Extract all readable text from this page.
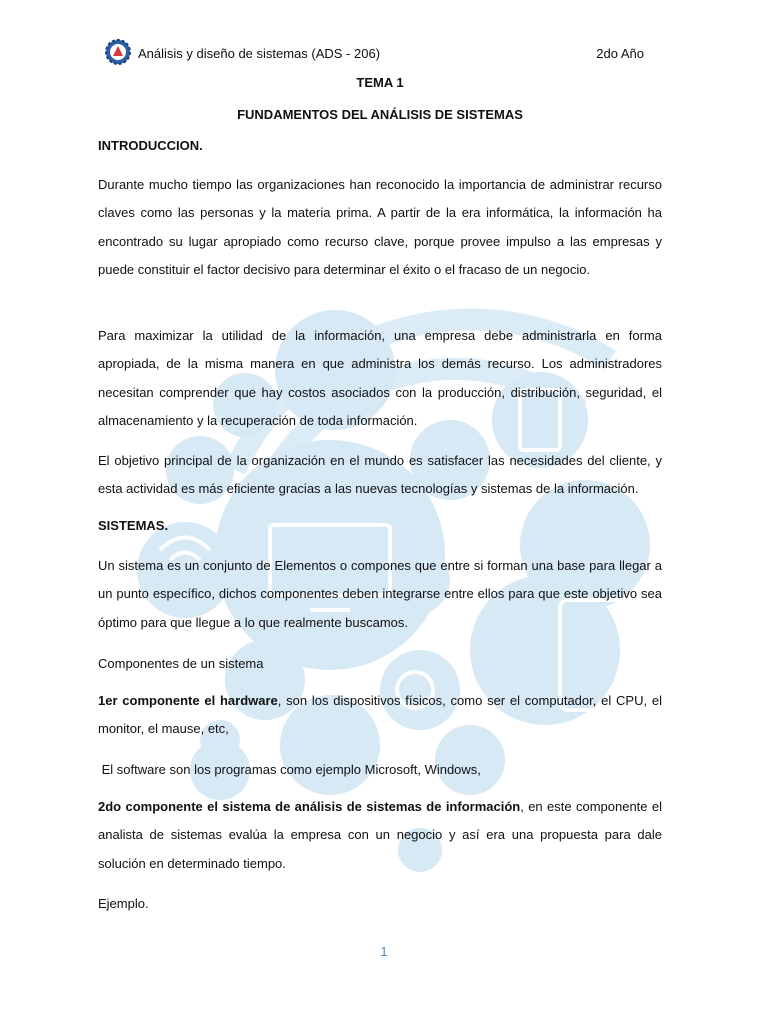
Análisis y diseño de sistemas (ADS - 206)	2do Año
TEMA 1
FUNDAMENTOS DEL ANÁLISIS DE SISTEMAS
INTRODUCCION.

Durante mucho tiempo las organizaciones han reconocido la importancia de administrar recurso claves como las personas y la materia prima. A partir de la era informática, la información ha encontrado su lugar apropiado como recurso clave, porque provee impulso a las empresas y puede constituir el factor decisivo para determinar el éxito o el fracaso de un negocio.

Para maximizar la utilidad de la información, una empresa debe administrarla en forma apropiada, de la misma manera en que administra los demás recurso. Los administradores necesitan comprender que hay costos asociados con la producción, distribución, seguridad, el almacenamiento y la recuperación de toda información.

El objetivo principal de la organización en el mundo es satisfacer las necesidades del cliente, y esta actividad es más eficiente gracias a las nuevas tecnologías y sistemas de la información.

SISTEMAS.

Un sistema es un conjunto de Elementos o compones que entre si forman una base para llegar a un punto específico, dichos componentes deben integrarse entre ellos para que este objetivo sea óptimo para que llegue a lo que realmente buscamos.

Componentes de un sistema

1er componente el hardware, son los dispositivos físicos, como ser el computador, el CPU, el monitor, el mause, etc,

El software son los programas como ejemplo Microsoft, Windows,

2do componente el sistema de análisis de sistemas de información, en este componente el analista de sistemas evalúa la empresa con un negocio y así era una propuesta para dale solución en determinado tiempo.

Ejemplo.
1
